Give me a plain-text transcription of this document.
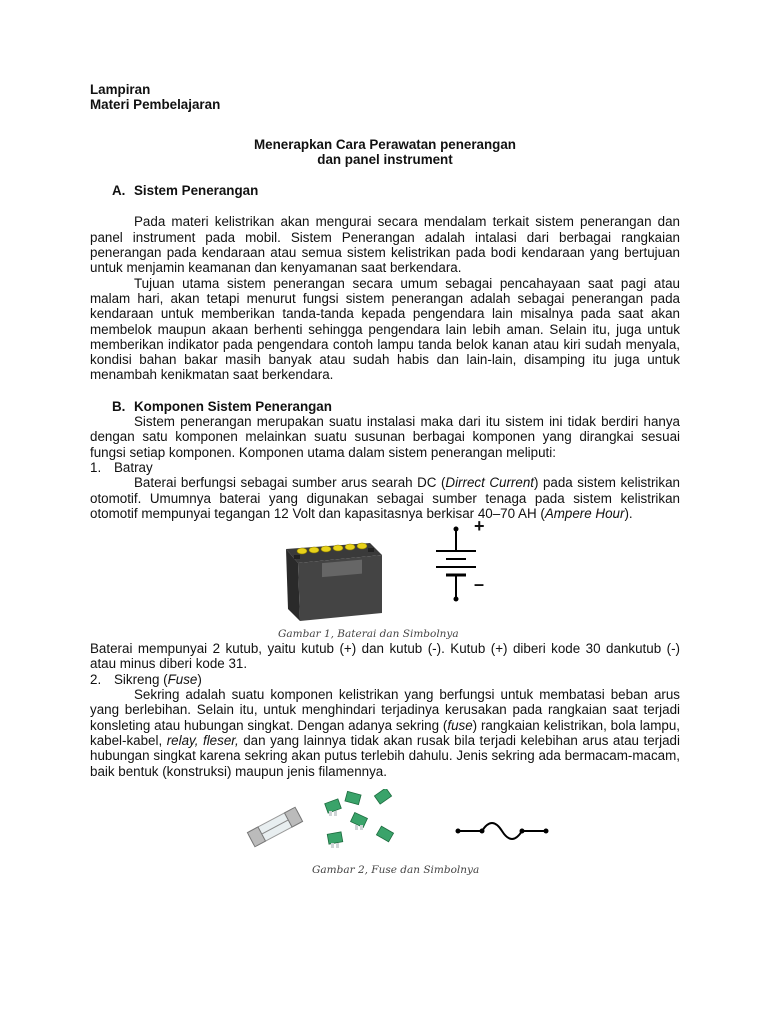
Lampiran
Materi Pembelajaran
Menerapkan Cara Perawatan penerangan
dan panel instrument
A. Sistem Penerangan
Pada materi kelistrikan akan mengurai secara mendalam terkait sistem penerangan dan panel instrument pada mobil. Sistem Penerangan adalah intalasi dari berbagai rangkaian penerangan pada kendaraan atau semua sistem kelistrikan pada bodi kendaraan yang bertujuan untuk menjamin keamanan dan kenyamanan saat berkendara.
Tujuan utama sistem penerangan secara umum sebagai pencahayaan saat pagi atau malam hari, akan tetapi menurut fungsi sistem penerangan adalah sebagai penerangan pada kendaraan untuk memberikan tanda-tanda kepada pengendara lain misalnya pada saat akan membelok maupun akaan berhenti sehingga pengendara lain lebih aman. Selain itu, juga untuk memberikan indikator pada pengendara contoh lampu tanda belok kanan atau kiri sudah menyala, kondisi bahan bakar masih banyak atau sudah habis dan lain-lain, disamping itu juga untuk menambah kenikmatan saat berkendara.
B. Komponen Sistem Penerangan
Sistem penerangan merupakan suatu instalasi maka dari itu sistem ini tidak berdiri hanya dengan satu komponen melainkan suatu susunan berbagai komponen yang dirangkai sesuai fungsi setiap komponen. Komponen utama dalam sistem penerangan meliputi:
1. Batray
Baterai berfungsi sebagai sumber arus searah DC (Dirrect Current) pada sistem kelistrikan otomotif. Umumnya baterai yang digunakan sebagai sumber tenaga pada sistem kelistrikan otomotif mempunyai tegangan 12 Volt dan kapasitasnya berkisar 40–70 AH (Ampere Hour).
+
–
Gambar 1, Baterai dan Simbolnya
Baterai mempunyai 2 kutub, yaitu kutub (+) dan kutub (-). Kutub (+) diberi kode 30 dankutub (-) atau minus diberi kode 31.
2. Sikreng (Fuse)
Sekring adalah suatu komponen kelistrikan yang berfungsi untuk membatasi beban arus yang berlebihan. Selain itu, untuk menghindari terjadinya kerusakan pada rangkaian saat terjadi konsleting atau hubungan singkat. Dengan adanya sekring (fuse) rangkaian kelistrikan, bola lampu, kabel-kabel, relay, fleser, dan yang lainnya tidak akan rusak bila terjadi kelebihan arus atau terjadi hubungan singkat karena sekring akan putus terlebih dahulu. Jenis sekring ada bermacam-macam, baik bentuk (konstruksi) maupun jenis filamennya.
Gambar 2, Fuse dan Simbolnya
